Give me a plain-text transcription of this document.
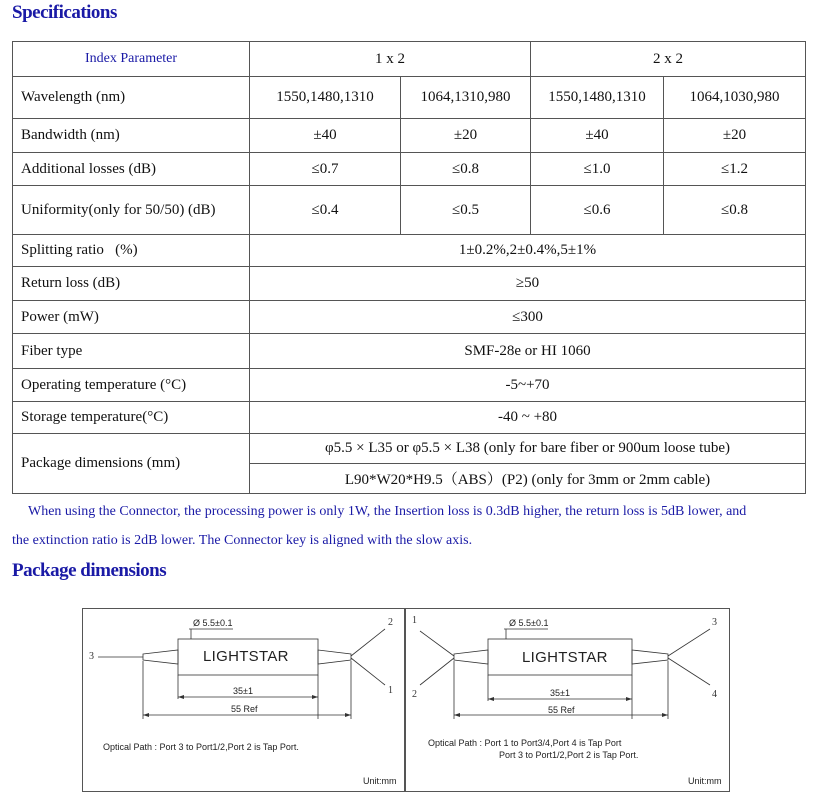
Specifications
Index Parameter	1 x 2		2 x 2	
Wavelength (nm)	1550,1480,1310	1064,1310,980	1550,1480,1310	1064,1030,980
Bandwidth (nm)	±40	±20	±40	±20
Additional losses (dB)	≤0.7	≤0.8	≤1.0	≤1.2
Uniformity(only for 50/50) (dB)	≤0.4	≤0.5	≤0.6	≤0.8
Splitting ratio   (%)	1±0.2%,2±0.4%,5±1%			
Return loss (dB)	≥50			
Power (mW)	≤300			
Fiber type	SMF-28e or HI 1060			
Operating temperature (°C)	-5~+70			
Storage temperature(°C)	-40 ~ +80			
Package dimensions (mm)	φ5.5 × L35 or φ5.5 × L38 (only for bare fiber or 900um loose tube)			
	L90*W20*H9.5（ABS）(P2) (only for 3mm or 2mm cable)			
When using the Connector, the processing power is only 1W, the Insertion loss is 0.3dB higher, the return loss is 5dB lower, and
the extinction ratio is 2dB lower. The Connector key is aligned with the slow axis.
Package dimensions
Ø 5.5±0.1
LIGHTSTAR
35±1
55 Ref
3
2
1
Optical Path : Port 3 to Port1/2,Port 2 is Tap Port.
Unit:mm
Ø 5.5±0.1
LIGHTSTAR
35±1
55 Ref
1
2
3
4
Optical Path : Port 1 to Port3/4,Port 4 is Tap Port
Port 3 to Port1/2,Port 2 is Tap Port.
Unit:mm
